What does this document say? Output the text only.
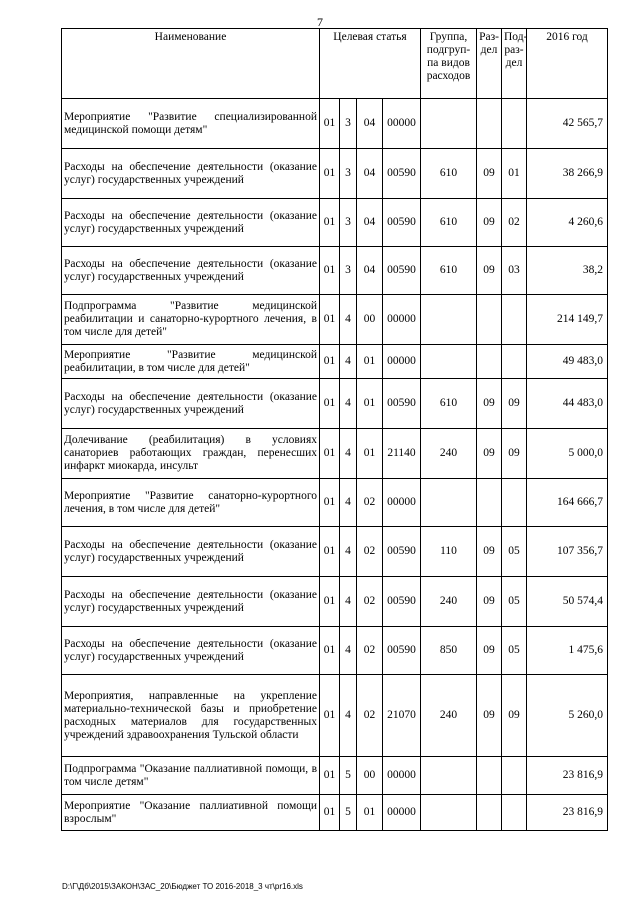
7
Наименование	Целевая статья				Группа, подгруп-па видов расходов	Раз-дел	Под-раз-дел	2016 год
Мероприятие "Развитие специализированной медицинской помощи детям"	01	3	04	00000				42 565,7
Расходы на обеспечение деятельности (оказание услуг) государственных учреждений	01	3	04	00590	610	09	01	38 266,9
Расходы на обеспечение деятельности (оказание услуг) государственных учреждений	01	3	04	00590	610	09	02	4 260,6
Расходы на обеспечение деятельности (оказание услуг) государственных учреждений	01	3	04	00590	610	09	03	38,2
Подпрограмма "Развитие медицинской реабилитации и санаторно-курортного лечения, в том числе для детей"	01	4	00	00000				214 149,7
Мероприятие "Развитие медицинской реабилитации, в том числе для детей"	01	4	01	00000				49 483,0
Расходы на обеспечение деятельности (оказание услуг) государственных учреждений	01	4	01	00590	610	09	09	44 483,0
Долечивание (реабилитация) в условиях санаториев работающих граждан, перенесших инфаркт миокарда, инсульт	01	4	01	21140	240	09	09	5 000,0
Мероприятие "Развитие санаторно-курортного лечения, в том числе для детей"	01	4	02	00000				164 666,7
Расходы на обеспечение деятельности (оказание услуг) государственных учреждений	01	4	02	00590	110	09	05	107 356,7
Расходы на обеспечение деятельности (оказание услуг) государственных учреждений	01	4	02	00590	240	09	05	50 574,4
Расходы на обеспечение деятельности (оказание услуг) государственных учреждений	01	4	02	00590	850	09	05	1 475,6
Мероприятия, направленные на укрепление материально-технической базы и приобретение расходных материалов для государственных учреждений здравоохранения Тульской области	01	4	02	21070	240	09	09	5 260,0
Подпрограмма "Оказание паллиативной помощи, в том числе детям"	01	5	00	00000				23 816,9
Мероприятие "Оказание паллиативной помощи взрослым"	01	5	01	00000				23 816,9
D:\Г\Дб\2015\ЗАКОН\ЗАС_20\Бюджет ТО 2016-2018_3 чт\pr16.xls
